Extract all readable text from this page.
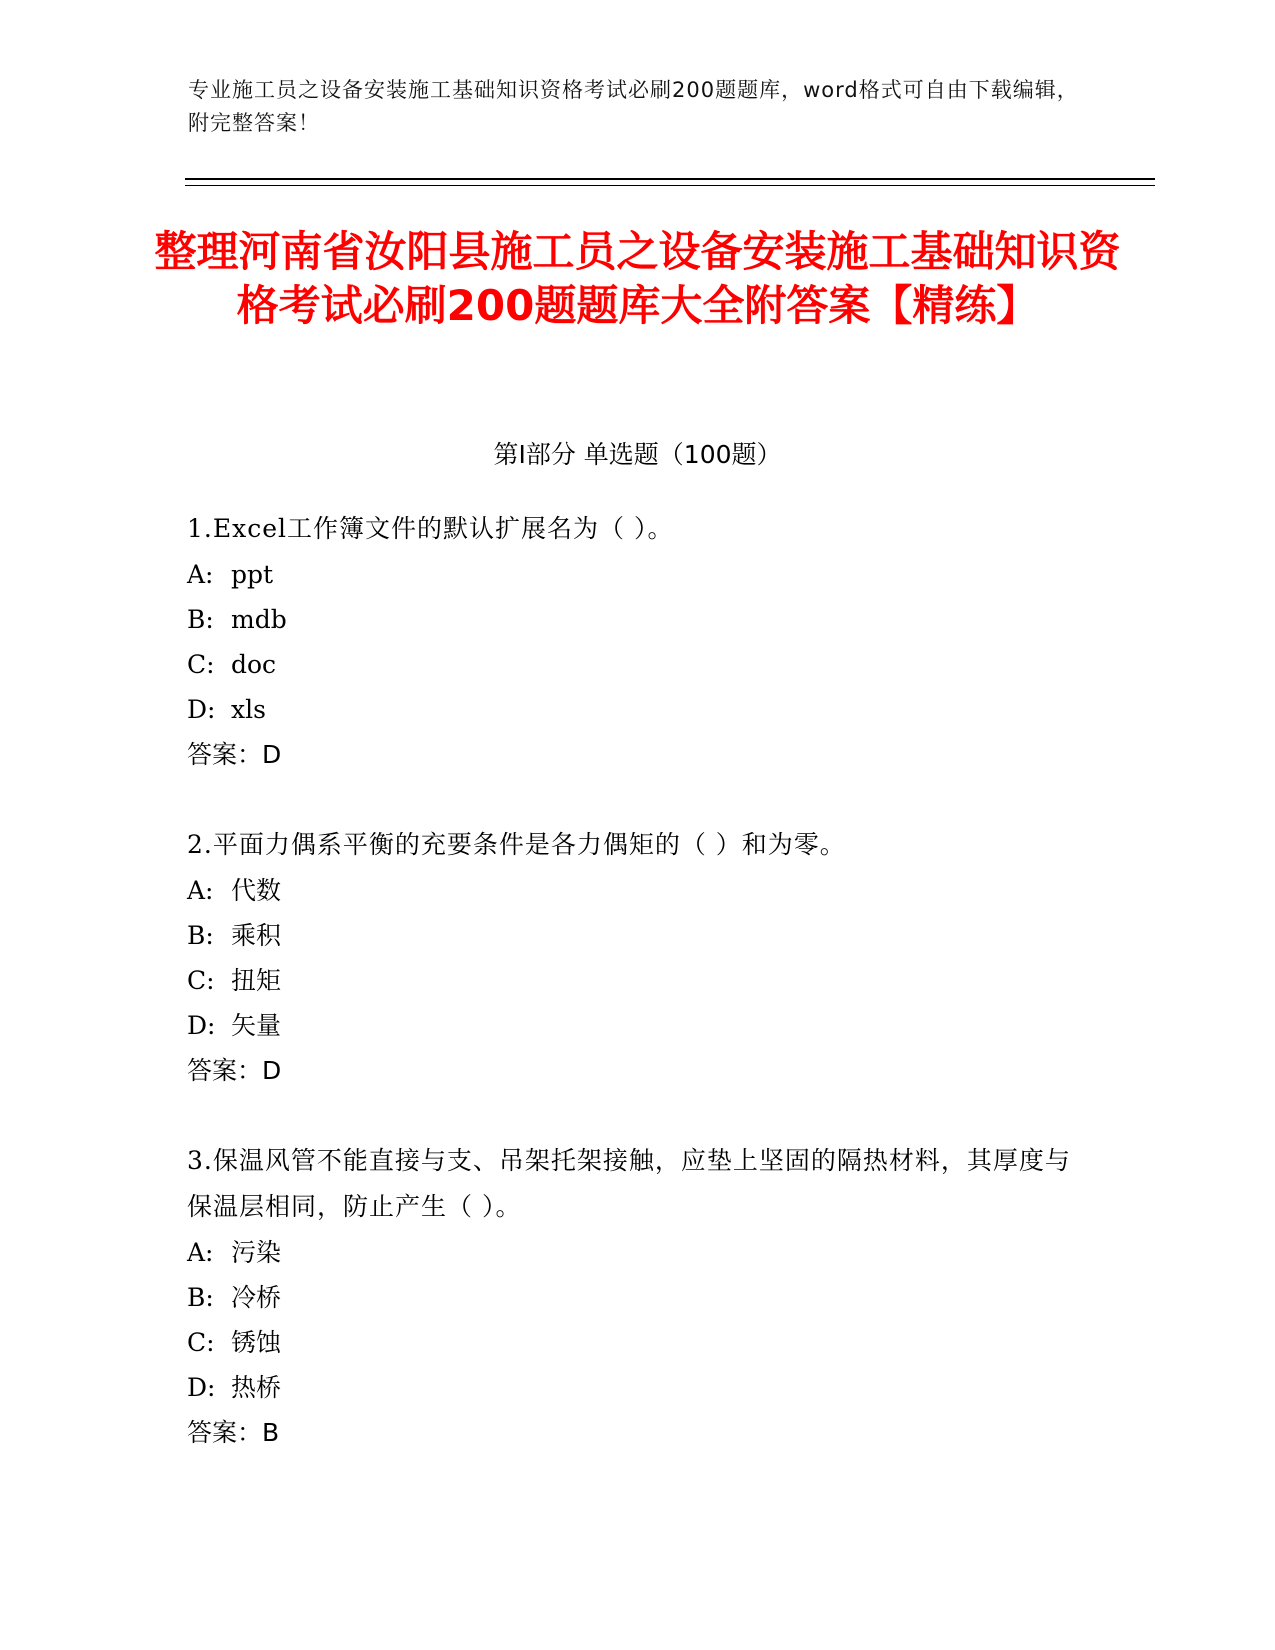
专业施工员之设备安装施工基础知识资格考试必刷200题题库，word格式可自由下载编辑，附完整答案！
整理河南省汝阳县施工员之设备安装施工基础知识资格考试必刷200题题库大全附答案【精练】
第Ⅰ部分 单选题（100题）

1.Excel工作簿文件的默认扩展名为（ ）。

A: ppt

B: mdb

C: doc

D: xls

答案：D

2.平面力偶系平衡的充要条件是各力偶矩的（ ）和为零。

A: 代数

B: 乘积

C: 扭矩

D: 矢量

答案：D

3.保温风管不能直接与支、吊架托架接触，应垫上坚固的隔热材料，其厚度与保温层相同，防止产生（ ）。

A: 污染

B: 冷桥

C: 锈蚀

D: 热桥

答案：B
